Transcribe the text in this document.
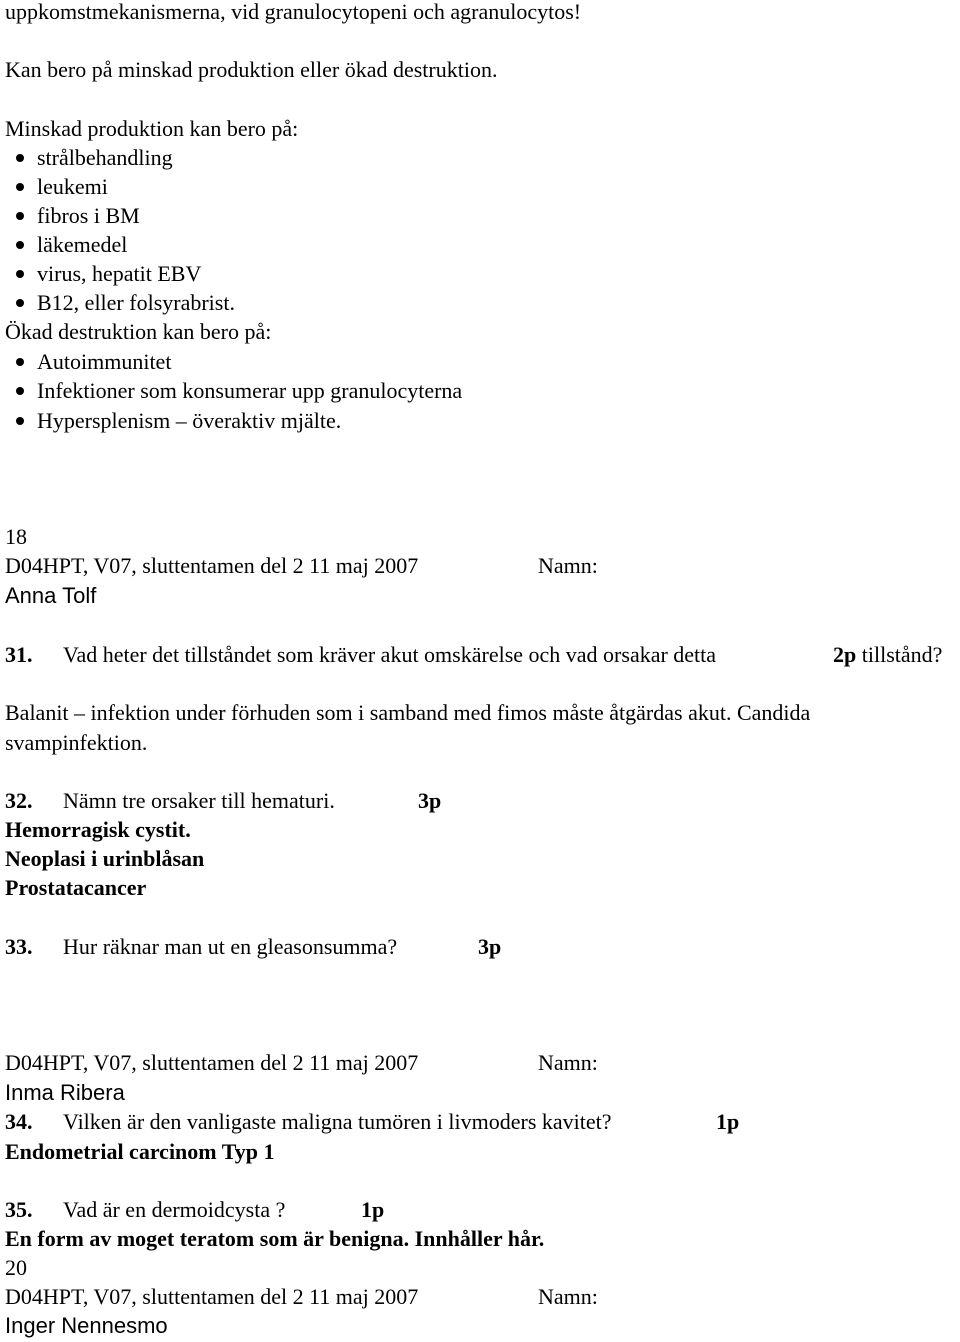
uppkomstmekanismerna, vid granulocytopeni och agranulocytos!
Kan bero på minskad produktion eller ökad destruktion.
Minskad produktion kan bero på:
strålbehandling
leukemi
fibros i BM
läkemedel
virus, hepatit EBV
B12, eller folsyrabrist.
Ökad destruktion kan bero på:
Autoimmunitet
Infektioner som konsumerar upp granulocyterna
Hypersplenism – överaktiv mjälte.
18
D04HPT, V07, sluttentamen del 2 11 maj 2007	Namn:
Anna Tolf
31. Vad heter det tillståndet som kräver akut omskärelse och vad orsakar detta	2p tillstånd?
Balanit – infektion under förhuden som i samband med fimos måste åtgärdas akut. Candida
svampinfektion.
32. Nämn tre orsaker till hematuri.	3p
Hemorragisk cystit.
Neoplasi i urinblåsan
Prostatacancer
33. Hur räknar man ut en gleasonsumma?	3p
D04HPT, V07, sluttentamen del 2 11 maj 2007	Namn:
Inma Ribera
34. Vilken är den vanligaste maligna tumören i livmoders kavitet?	1p
Endometrial carcinom Typ 1
35. Vad är en dermoidcysta ?	1p
En form av moget teratom som är benigna. Innhåller hår.
20
D04HPT, V07, sluttentamen del 2 11 maj 2007	Namn:
Inger Nennesmo
